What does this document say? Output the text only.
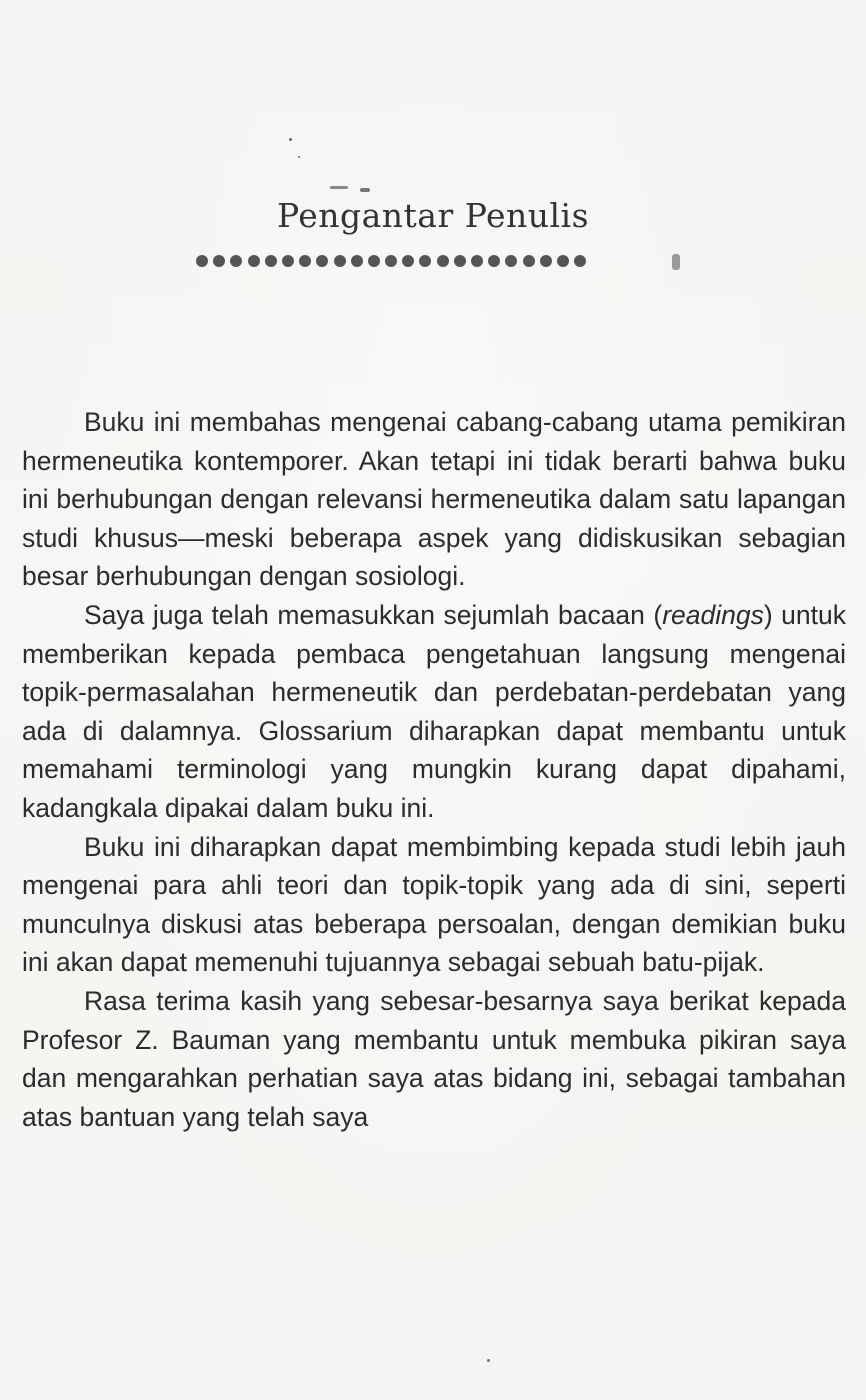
Pengantar Penulis

Buku ini membahas mengenai cabang-cabang utama pemikiran hermeneutika kontemporer. Akan tetapi ini tidak berarti bahwa buku ini berhubungan dengan relevansi hermeneutika dalam satu lapangan studi khusus—meski beberapa aspek yang didiskusikan sebagian besar berhubungan dengan sosiologi.

Saya juga telah memasukkan sejumlah bacaan (readings) untuk memberikan kepada pembaca pengetahuan langsung mengenai topik-permasalahan hermeneutik dan perdebatan-perdebatan yang ada di dalamnya. Glossarium diharapkan dapat membantu untuk memahami terminologi yang mungkin kurang dapat dipahami, kadangkala dipakai dalam buku ini.

Buku ini diharapkan dapat membimbing kepada studi lebih jauh mengenai para ahli teori dan topik-topik yang ada di sini, seperti munculnya diskusi atas beberapa persoalan, dengan demikian buku ini akan dapat memenuhi tujuannya sebagai sebuah batu-pijak.

Rasa terima kasih yang sebesar-besarnya saya berikat kepada Profesor Z. Bauman yang membantu untuk membuka pikiran saya dan mengarahkan perhatian saya atas bidang ini, sebagai tambahan atas bantuan yang telah saya
